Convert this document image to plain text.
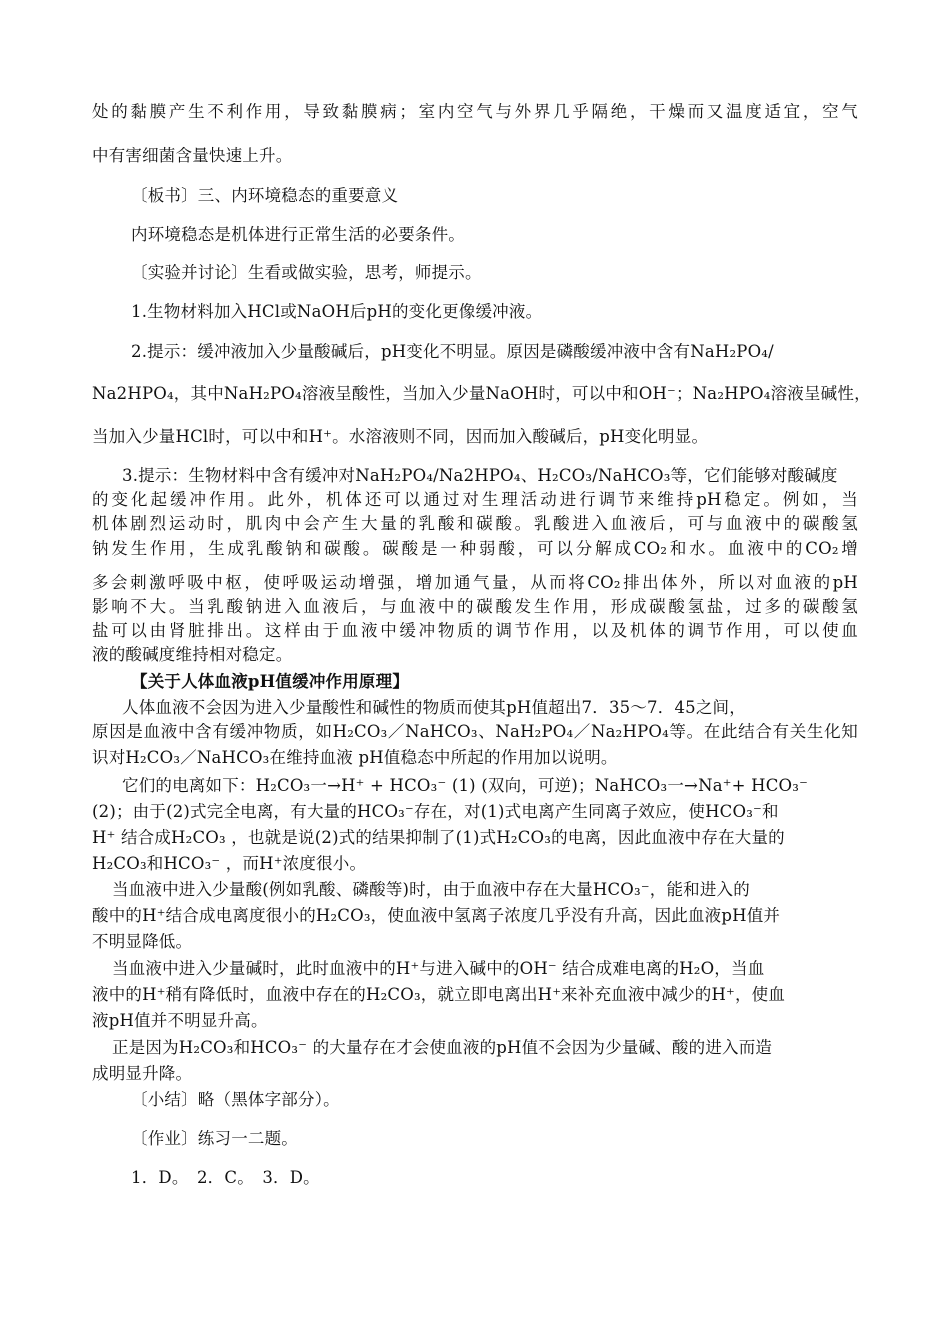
处的黏膜产生不利作用，导致黏膜病；室内空气与外界几乎隔绝，干燥而又温度适宜，空气

中有害细菌含量快速上升。

〔板书〕三、内环境稳态的重要意义

内环境稳态是机体进行正常生活的必要条件。

〔实验并讨论〕生看或做实验，思考，师提示。

1.生物材料加入HCl或NaOH后pH的变化更像缓冲液。

2.提示：缓冲液加入少量酸碱后，pH变化不明显。原因是磷酸缓冲液中含有NaH₂PO₄/

Na2HPO₄，其中NaH₂PO₄溶液呈酸性，当加入少量NaOH时，可以中和OH⁻；Na₂HPO₄溶液呈碱性，

当加入少量HCl时，可以中和H⁺。水溶液则不同，因而加入酸碱后，pH变化明显。

3.提示：生物材料中含有缓冲对NaH₂PO₄/Na2HPO₄、H₂CO₃/NaHCO₃等，它们能够对酸碱度

的变化起缓冲作用。此外，机体还可以通过对生理活动进行调节来维持pH稳定。例如，当

机体剧烈运动时，肌肉中会产生大量的乳酸和碳酸。乳酸进入血液后，可与血液中的碳酸氢

钠发生作用，生成乳酸钠和碳酸。碳酸是一种弱酸，可以分解成CO₂和水。血液中的CO₂增

多会刺激呼吸中枢，使呼吸运动增强，增加通气量，从而将CO₂排出体外，所以对血液的pH

影响不大。当乳酸钠进入血液后，与血液中的碳酸发生作用，形成碳酸氢盐，过多的碳酸氢

盐可以由肾脏排出。这样由于血液中缓冲物质的调节作用，以及机体的调节作用，可以使血

液的酸碱度维持相对稳定。

【关于人体血液pH值缓冲作用原理】

人体血液不会因为进入少量酸性和碱性的物质而使其pH值超出7．35～7．45之间，

原因是血液中含有缓冲物质，如H₂CO₃／NaHCO₃、NaH₂PO₄／Na₂HPO₄等。在此结合有关生化知

识对H₂CO₃／NaHCO₃在维持血液 pH值稳态中所起的作用加以说明。

它们的电离如下：H₂CO₃一→H⁺ + HCO₃⁻ (1) (双向，可逆)；NaHCO₃一→Na⁺+ HCO₃⁻

(2)；由于(2)式完全电离，有大量的HCO₃⁻存在，对(1)式电离产生同离子效应，使HCO₃⁻和

H⁺ 结合成H₂CO₃ ，也就是说(2)式的结果抑制了(1)式H₂CO₃的电离，因此血液中存在大量的

H₂CO₃和HCO₃⁻ ，而H⁺浓度很小。

当血液中进入少量酸(例如乳酸、磷酸等)时，由于血液中存在大量HCO₃⁻，能和进入的

酸中的H⁺结合成电离度很小的H₂CO₃，使血液中氢离子浓度几乎没有升高，因此血液pH值并

不明显降低。

当血液中进入少量碱时，此时血液中的H⁺与进入碱中的OH⁻ 结合成难电离的H₂O，当血

液中的H⁺稍有降低时，血液中存在的H₂CO₃，就立即电离出H⁺来补充血液中减少的H⁺，使血

液pH值并不明显升高。

正是因为H₂CO₃和HCO₃⁻ 的大量存在才会使血液的pH值不会因为少量碱、酸的进入而造

成明显升降。

〔小结〕略（黑体字部分）。

〔作业〕练习一二题。

1．D。　2．C。　3．D。
